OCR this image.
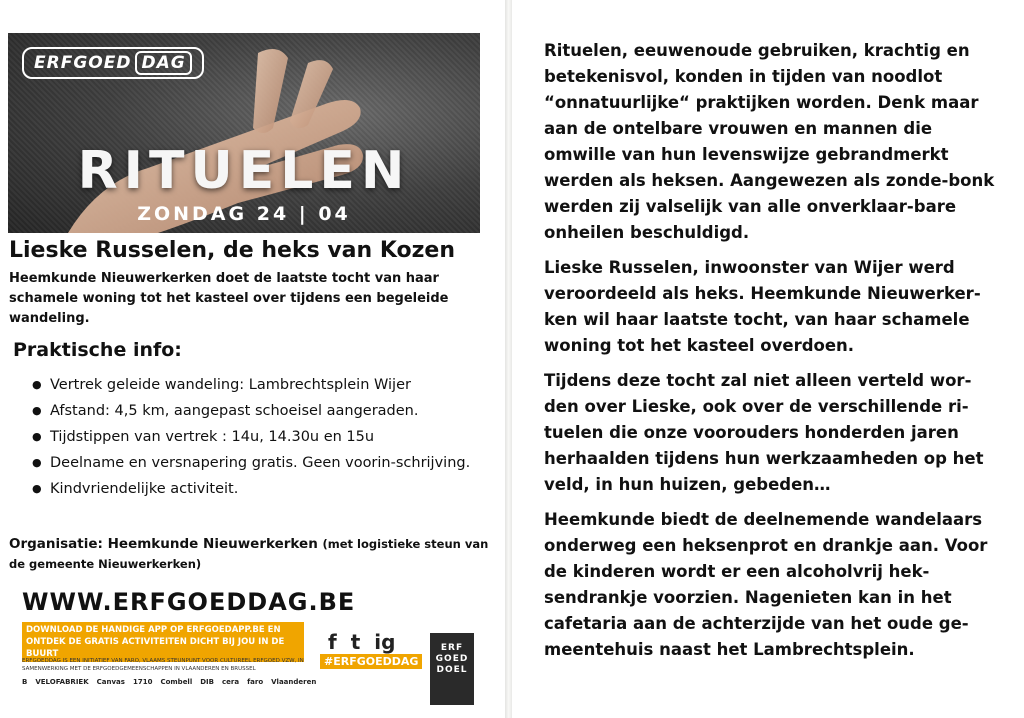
ERFGOED DAG
RITUELEN
ZONDAG 24 | 04
Lieske Russelen, de heks van Kozen

Heemkunde Nieuwerkerken doet de laatste tocht van haar schamele woning tot het kasteel over tijdens een begeleide wandeling.

Praktische info:
● Vertrek geleide wandeling: Lambrechtsplein Wijer
● Afstand: 4,5 km, aangepast schoeisel aangeraden.
● Tijdstippen van vertrek : 14u, 14.30u en 15u
● Deelname en versnapering gratis. Geen voorin-schrijving.
● Kindvriendelijke activiteit.

Organisatie: Heemkunde Nieuwerkerken (met logistieke steun van de gemeente Nieuwerkerken)

WWW.ERFGOEDDAG.BE
DOWNLOAD DE HANDIGE APP OP ERFGOEDAPP.BE EN ONTDEK DE GRATIS ACTIVITEITEN DICHT BIJ JOU IN DE BUURT
ERFGOEDDAG IS EEN INITIATIEF VAN FARO, VLAAMS STEUNPUNT VOOR CULTUREEL ERFGOED VZW, IN SAMENWERKING MET DE ERFGOEDGEMEENSCHAPPEN IN VLAANDEREN EN BRUSSEL
f t ig
#ERFGOEDDAG
B VELOFABRIEK Canvas 1710 Combell DIB cera faro Vlaanderen
ERF
GOED
DOEL

Rituelen, eeuwenoude gebruiken, krachtig en betekenisvol, konden in tijden van noodlot “onnatuurlijke“ praktijken worden. Denk maar aan de ontelbare vrouwen en mannen die omwille van hun levenswijze gebrandmerkt werden als heksen. Aangewezen als zonde-bonk werden zij valselijk van alle onverklaar-bare onheilen beschuldigd.

Lieske Russelen, inwoonster van Wijer werd veroordeeld als heks. Heemkunde Nieuwerker-ken wil haar laatste tocht, van haar schamele woning tot het kasteel overdoen.

Tijdens deze tocht zal niet alleen verteld wor-den over Lieske, ook over de verschillende ri-tuelen die onze voorouders honderden jaren herhaalden tijdens hun werkzaamheden op het veld, in hun huizen, gebeden…

Heemkunde biedt de deelnemende wandelaars onderweg een heksenprot en drankje aan. Voor de kinderen wordt er een alcoholvrij hek-sendrankje voorzien. Nagenieten kan in het cafetaria aan de achterzijde van het oude ge-meentehuis naast het Lambrechtsplein.
